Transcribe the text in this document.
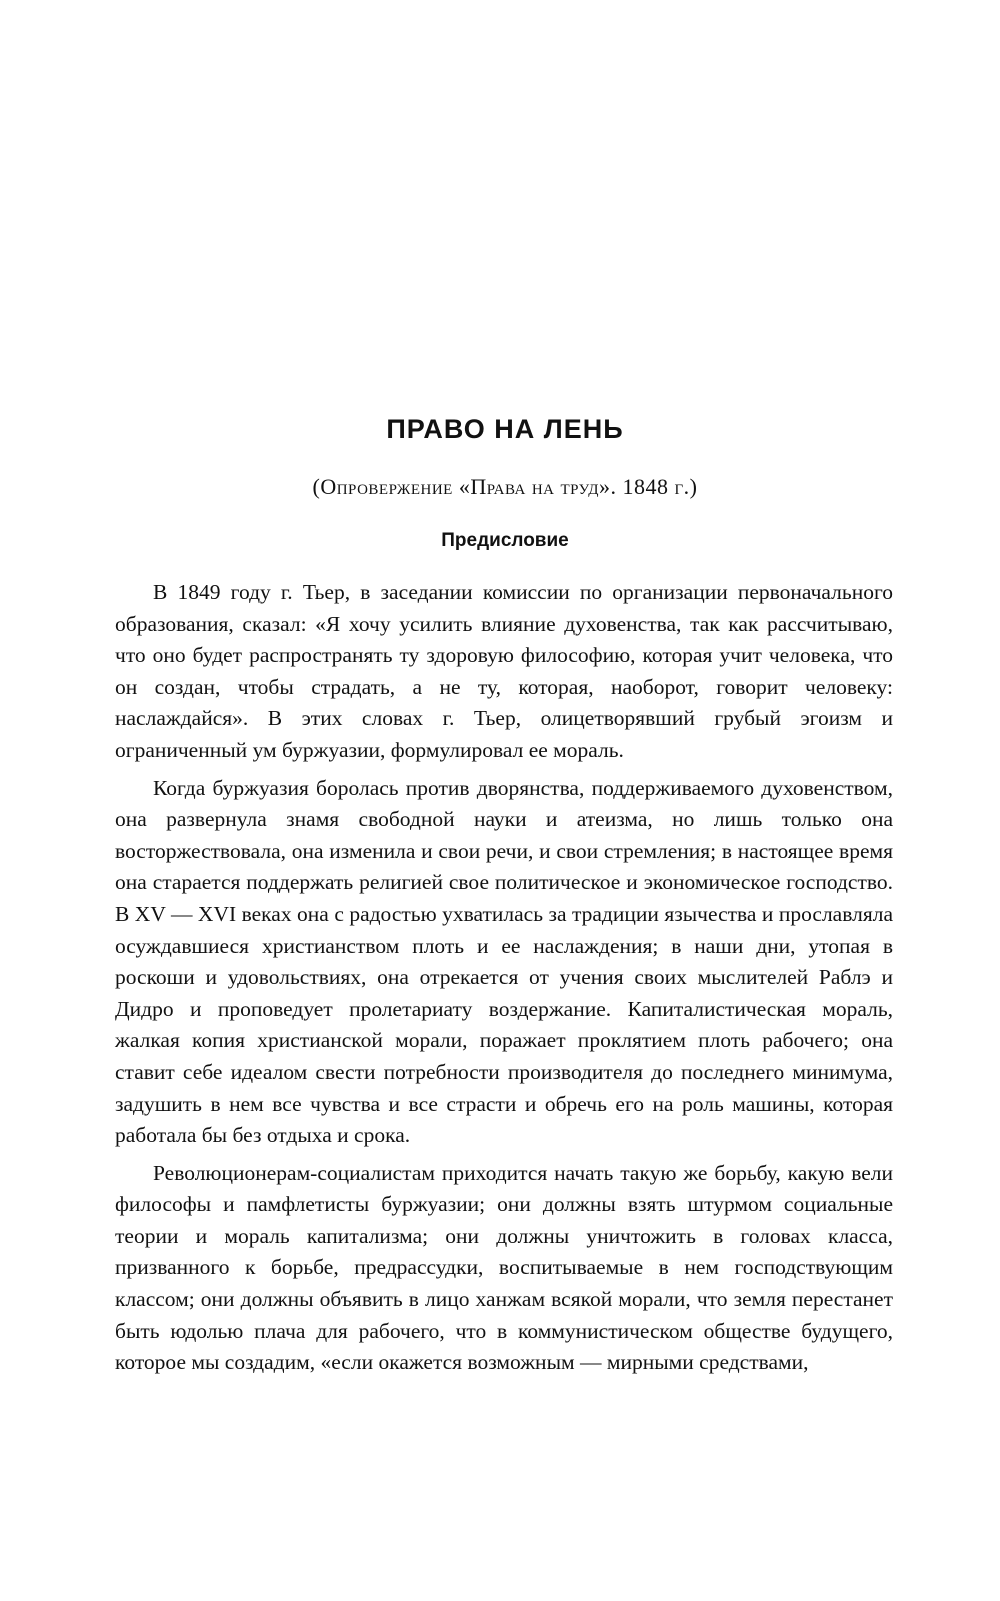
ПРАВО НА ЛЕНЬ
(Опровержение «Права на труд». 1848 г.)
Предисловие

В 1849 году г. Тьер, в заседании комиссии по организации первоначального образования, сказал: «Я хочу усилить влияние духовенства, так как рассчитываю, что оно будет распространять ту здоровую философию, которая учит человека, что он создан, чтобы страдать, а не ту, которая, наоборот, говорит человеку: наслаждайся». В этих словах г. Тьер, олицетворявший грубый эгоизм и ограниченный ум буржуазии, формулировал ее мораль.

Когда буржуазия боролась против дворянства, поддерживаемого духовенством, она развернула знамя свободной науки и атеизма, но лишь только она восторжествовала, она изменила и свои речи, и свои стремления; в настоящее время она старается поддержать религией свое политическое и экономическое господство. В XV — XVI веках она с радостью ухватилась за традиции язычества и прославляла осуждавшиеся христианством плоть и ее наслаждения; в наши дни, утопая в роскоши и удовольствиях, она отрекается от учения своих мыслителей Раблэ и Дидро и проповедует пролетариату воздержание. Капиталистическая мораль, жалкая копия христианской морали, поражает проклятием плоть рабочего; она ставит себе идеалом свести потребности производителя до последнего минимума, задушить в нем все чувства и все страсти и обречь его на роль машины, которая работала бы без отдыха и срока.

Революционерам-социалистам приходится начать такую же борьбу, какую вели философы и памфлетисты буржуазии; они должны взять штурмом социальные теории и мораль капитализма; они должны уничтожить в головах класса, призванного к борьбе, предрассудки, воспитываемые в нем господствующим классом; они должны объявить в лицо ханжам всякой морали, что земля перестанет быть юдолью плача для рабочего, что в коммунистическом обществе будущего, которое мы создадим, «если окажется возможным — мирными средствами,
